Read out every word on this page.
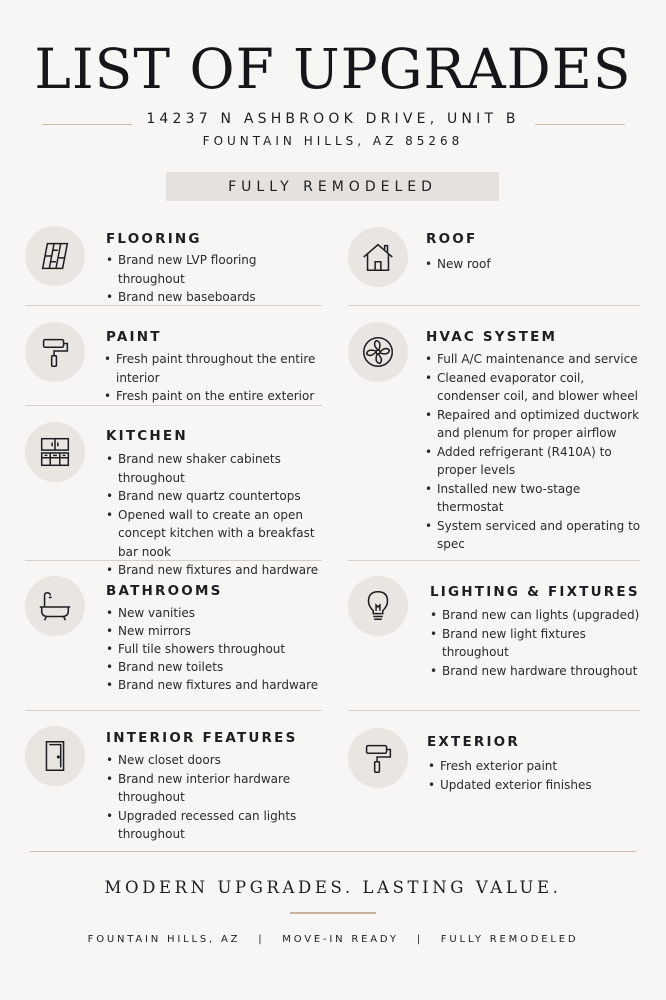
LIST OF UPGRADES
14237 N ASHBROOK DRIVE, UNIT B
FOUNTAIN HILLS, AZ 85268
FULLY REMODELED
FLOORING
• Brand new LVP flooring throughout
• Brand new baseboards
PAINT
• Fresh paint throughout the entire interior
• Fresh paint on the entire exterior
KITCHEN
• Brand new shaker cabinets throughout
• Brand new quartz countertops
• Opened wall to create an open concept kitchen with a breakfast bar nook
• Brand new fixtures and hardware
BATHROOMS
• New vanities
• New mirrors
• Full tile showers throughout
• Brand new toilets
• Brand new fixtures and hardware
INTERIOR FEATURES
• New closet doors
• Brand new interior hardware throughout
• Upgraded recessed can lights throughout
ROOF
• New roof
HVAC SYSTEM
• Full A/C maintenance and service
• Cleaned evaporator coil, condenser coil, and blower wheel
• Repaired and optimized ductwork and plenum for proper airflow
• Added refrigerant (R410A) to proper levels
• Installed new two-stage thermostat
• System serviced and operating to spec
LIGHTING & FIXTURES
• Brand new can lights (upgraded)
• Brand new light fixtures throughout
• Brand new hardware throughout
EXTERIOR
• Fresh exterior paint
• Updated exterior finishes
MODERN UPGRADES. LASTING VALUE.
FOUNTAIN HILLS, AZ   |   MOVE-IN READY   |   FULLY REMODELED
